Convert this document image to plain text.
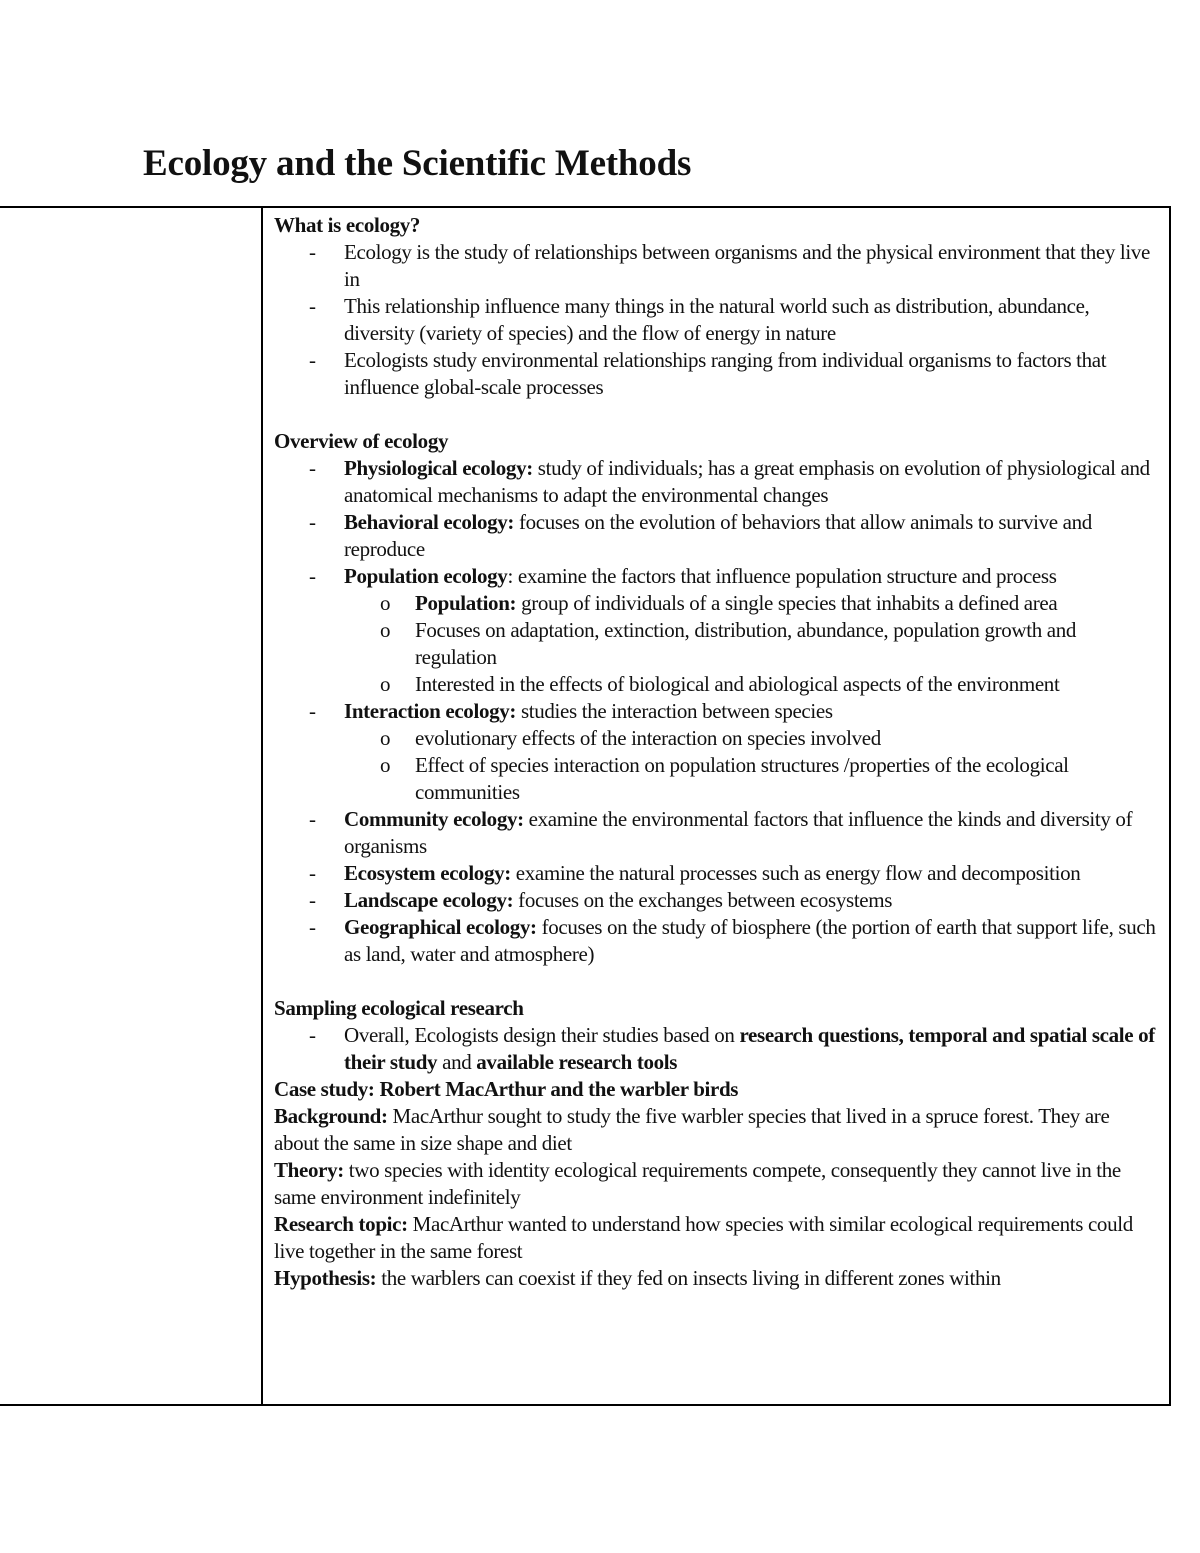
Ecology and the Scientific Methods
What is ecology?
-	Ecology is the study of relationships between organisms and the physical environment that they live in
-	This relationship influence many things in the natural world such as distribution, abundance, diversity (variety of species) and the flow of energy in nature
-	Ecologists study environmental relationships ranging from individual organisms to factors that influence global-scale processes
Overview of ecology
-	Physiological ecology: study of individuals; has a great emphasis on evolution of physiological and anatomical mechanisms to adapt the environmental changes
-	Behavioral ecology: focuses on the evolution of behaviors that allow animals to survive and reproduce
-	Population ecology: examine the factors that influence population structure and process
o	Population: group of individuals of a single species that inhabits a defined area
o	Focuses on adaptation, extinction, distribution, abundance, population growth and regulation
o	Interested in the effects of biological and abiological aspects of the environment
-	Interaction ecology: studies the interaction between species
o	evolutionary effects of the interaction on species involved
o	Effect of species interaction on population structures /properties of the ecological communities
-	Community ecology: examine the environmental factors that influence the kinds and diversity of organisms
-	Ecosystem ecology: examine the natural processes such as energy flow and decomposition
-	Landscape ecology: focuses on the exchanges between ecosystems
-	Geographical ecology: focuses on the study of biosphere (the portion of earth that support life, such as land, water and atmosphere)
Sampling ecological research
-	Overall, Ecologists design their studies based on research questions, temporal and spatial scale of their study and available research tools
Case study: Robert MacArthur and the warbler birds
Background: MacArthur sought to study the five warbler species that lived in a spruce forest. They are about the same in size shape and diet
Theory: two species with identity ecological requirements compete, consequently they cannot live in the same environment indefinitely
Research topic: MacArthur wanted to understand how species with similar ecological requirements could live together in the same forest
Hypothesis: the warblers can coexist if they fed on insects living in different zones within
